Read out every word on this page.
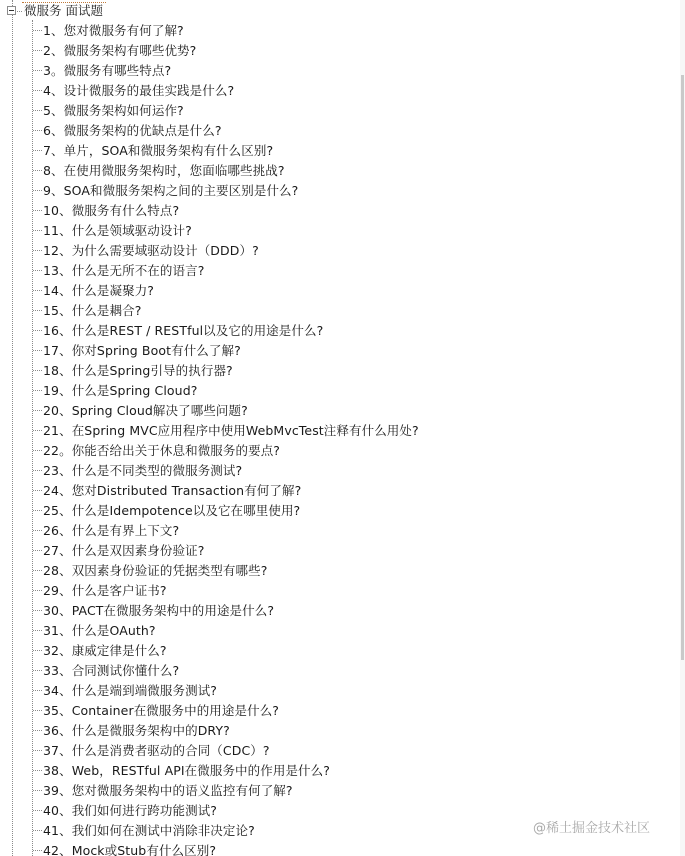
微服务 面试题
1、您对微服务有何了解?
2、微服务架构有哪些优势?
3。微服务有哪些特点?
4、设计微服务的最佳实践是什么?
5、微服务架构如何运作?
6、微服务架构的优缺点是什么?
7、单片，SOA和微服务架构有什么区别?
8、在使用微服务架构时，您面临哪些挑战?
9、SOA和微服务架构之间的主要区别是什么?
10、微服务有什么特点?
11、什么是领域驱动设计?
12、为什么需要域驱动设计（DDD）?
13、什么是无所不在的语言?
14、什么是凝聚力?
15、什么是耦合?
16、什么是REST / RESTful以及它的用途是什么?
17、你对Spring Boot有什么了解?
18、什么是Spring引导的执行器?
19、什么是Spring Cloud?
20、Spring Cloud解决了哪些问题?
21、在Spring MVC应用程序中使用WebMvcTest注释有什么用处?
22。你能否给出关于休息和微服务的要点?
23、什么是不同类型的微服务测试?
24、您对Distributed Transaction有何了解?
25、什么是Idempotence以及它在哪里使用?
26、什么是有界上下文?
27、什么是双因素身份验证?
28、双因素身份验证的凭据类型有哪些?
29、什么是客户证书?
30、PACT在微服务架构中的用途是什么?
31、什么是OAuth?
32、康威定律是什么?
33、合同测试你懂什么?
34、什么是端到端微服务测试?
35、Container在微服务中的用途是什么?
36、什么是微服务架构中的DRY?
37、什么是消费者驱动的合同（CDC）?
38、Web，RESTful API在微服务中的作用是什么?
39、您对微服务架构中的语义监控有何了解?
40、我们如何进行跨功能测试?
41、我们如何在测试中消除非决定论?
42、Mock或Stub有什么区别?
@稀土掘金技术社区
